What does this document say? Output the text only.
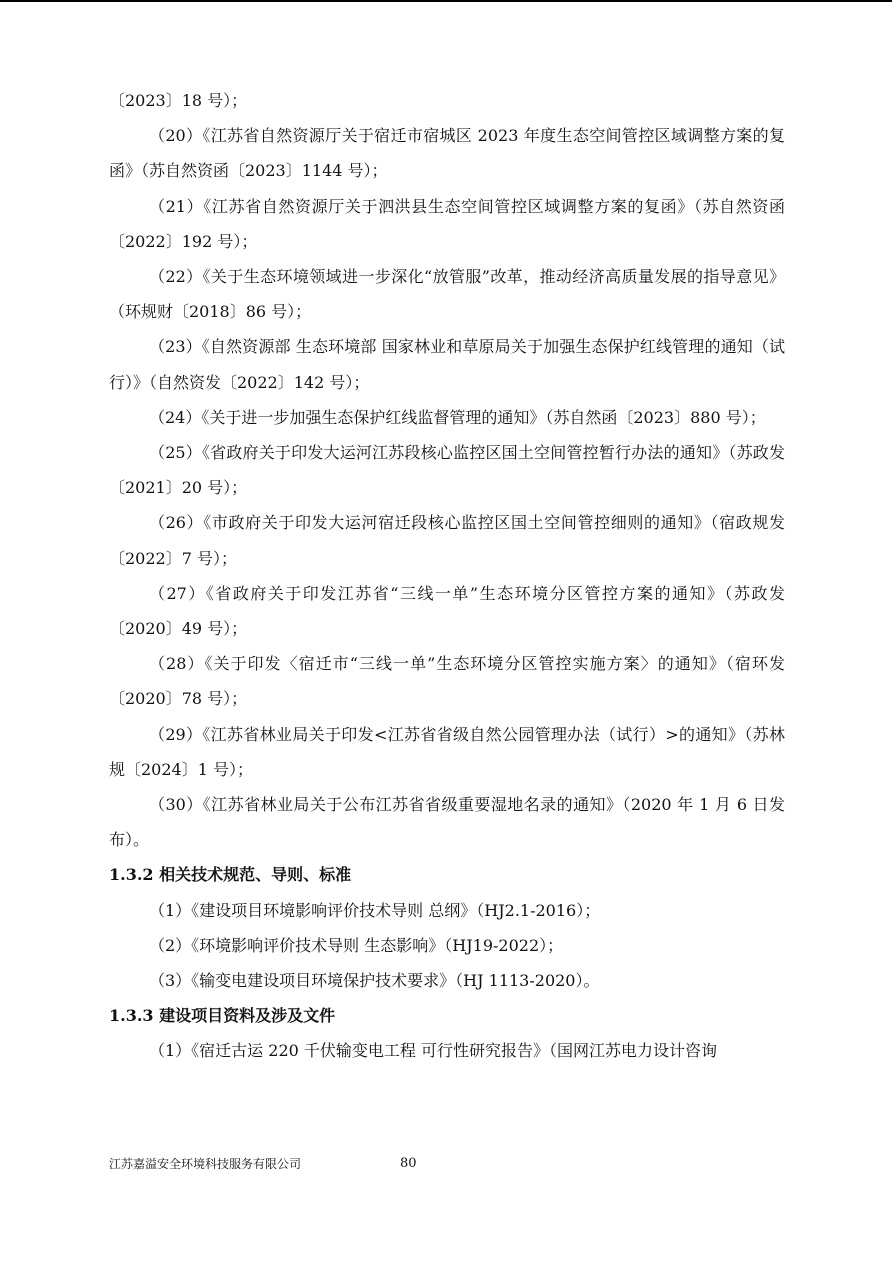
〔2023〕18 号）；

（20）《江苏省自然资源厅关于宿迁市宿城区 2023 年度生态空间管控区域调整方案的复函》（苏自然资函〔2023〕1144 号）；

（21）《江苏省自然资源厅关于泗洪县生态空间管控区域调整方案的复函》（苏自然资函〔2022〕192 号）；

（22）《关于生态环境领域进一步深化“放管服”改革，推动经济高质量发展的指导意见》（环规财〔2018〕86 号）；

（23）《自然资源部 生态环境部 国家林业和草原局关于加强生态保护红线管理的通知（试行）》（自然资发〔2022〕142 号）；

（24）《关于进一步加强生态保护红线监督管理的通知》（苏自然函〔2023〕880 号）；

（25）《省政府关于印发大运河江苏段核心监控区国土空间管控暂行办法的通知》（苏政发〔2021〕20 号）；

（26）《市政府关于印发大运河宿迁段核心监控区国土空间管控细则的通知》（宿政规发〔2022〕7 号）；

（27）《省政府关于印发江苏省“三线一单”生态环境分区管控方案的通知》（苏政发〔2020〕49 号）；

（28）《关于印发〈宿迁市“三线一单”生态环境分区管控实施方案〉的通知》（宿环发〔2020〕78 号）；

（29）《江苏省林业局关于印发<江苏省省级自然公园管理办法（试行）>的通知》（苏林规〔2024〕1 号）；

（30）《江苏省林业局关于公布江苏省省级重要湿地名录的通知》（2020 年 1 月 6 日发布）。

1.3.2 相关技术规范、导则、标准

（1）《建设项目环境影响评价技术导则 总纲》（HJ2.1-2016）；

（2）《环境影响评价技术导则 生态影响》（HJ19-2022）；

（3）《输变电建设项目环境保护技术要求》（HJ 1113-2020）。

1.3.3 建设项目资料及涉及文件

（1）《宿迁古运 220 千伏输变电工程 可行性研究报告》（国网江苏电力设计咨询

江苏嘉溢安全环境科技服务有限公司	80
